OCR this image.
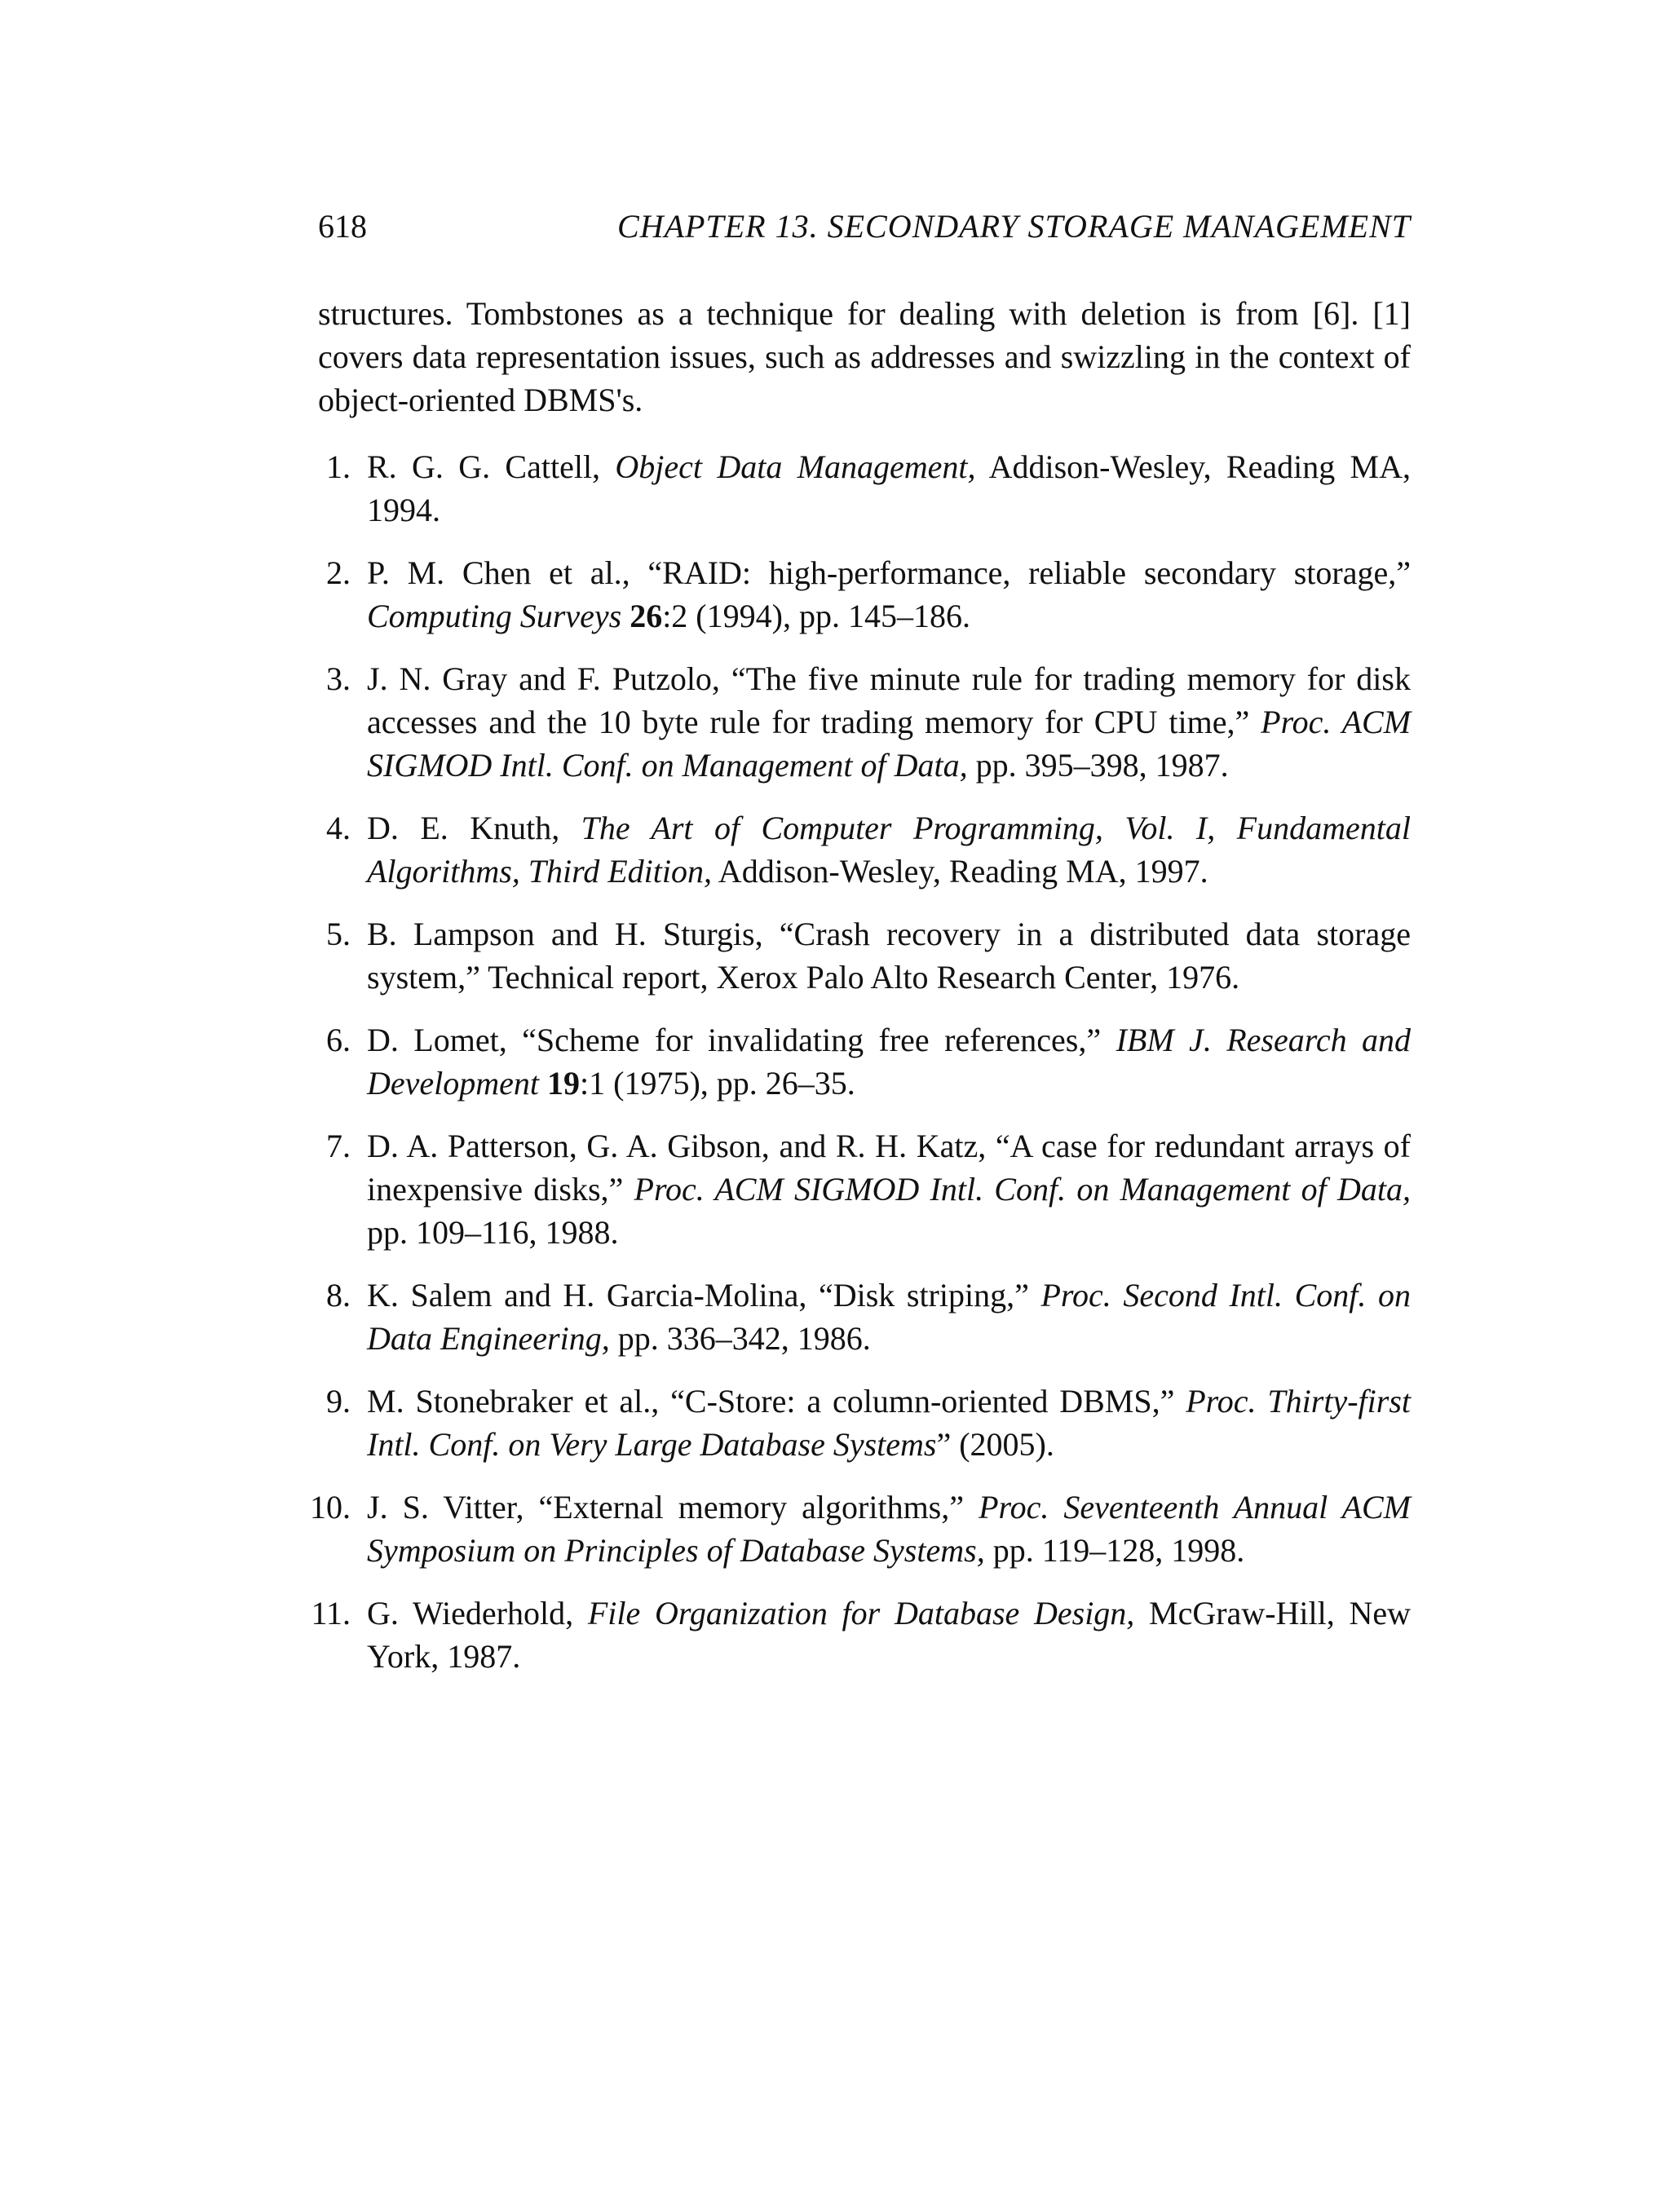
618	CHAPTER 13. SECONDARY STORAGE MANAGEMENT

structures. Tombstones as a technique for dealing with deletion is from [6]. [1] covers data representation issues, such as addresses and swizzling in the context of object-oriented DBMS's.

1. R. G. G. Cattell, Object Data Management, Addison-Wesley, Reading MA, 1994.
2. P. M. Chen et al., “RAID: high-performance, reliable secondary storage,” Computing Surveys 26:2 (1994), pp. 145–186.
3. J. N. Gray and F. Putzolo, “The five minute rule for trading memory for disk accesses and the 10 byte rule for trading memory for CPU time,” Proc. ACM SIGMOD Intl. Conf. on Management of Data, pp. 395–398, 1987.
4. D. E. Knuth, The Art of Computer Programming, Vol. I, Fundamental Algorithms, Third Edition, Addison-Wesley, Reading MA, 1997.
5. B. Lampson and H. Sturgis, “Crash recovery in a distributed data storage system,” Technical report, Xerox Palo Alto Research Center, 1976.
6. D. Lomet, “Scheme for invalidating free references,” IBM J. Research and Development 19:1 (1975), pp. 26–35.
7. D. A. Patterson, G. A. Gibson, and R. H. Katz, “A case for redundant arrays of inexpensive disks,” Proc. ACM SIGMOD Intl. Conf. on Management of Data, pp. 109–116, 1988.
8. K. Salem and H. Garcia-Molina, “Disk striping,” Proc. Second Intl. Conf. on Data Engineering, pp. 336–342, 1986.
9. M. Stonebraker et al., “C-Store: a column-oriented DBMS,” Proc. Thirty-first Intl. Conf. on Very Large Database Systems” (2005).
10. J. S. Vitter, “External memory algorithms,” Proc. Seventeenth Annual ACM Symposium on Principles of Database Systems, pp. 119–128, 1998.
11. G. Wiederhold, File Organization for Database Design, McGraw-Hill, New York, 1987.
